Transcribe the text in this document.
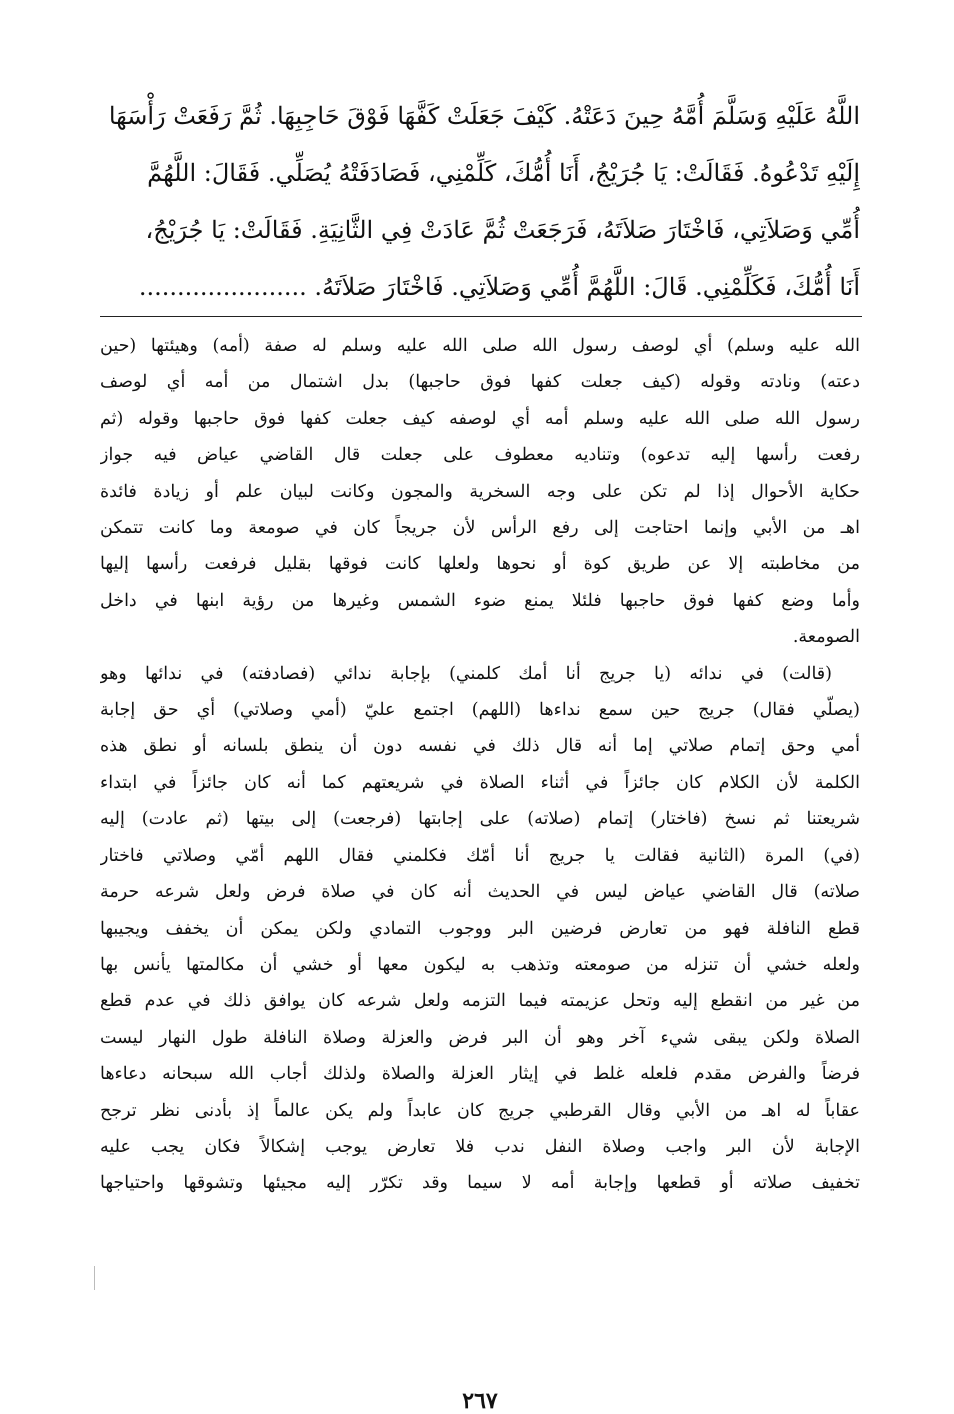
اللَّهُ عَلَيْهِ وَسَلَّمَ أُمَّهُ حِينَ دَعَتْهُ. كَيْفَ جَعَلَتْ كَفَّهَا فَوْقَ حَاجِبِهَا. ثُمَّ رَفَعَتْ رَأْسَهَا
إِلَيْهِ تَدْعُوهُ. فَقَالَتْ: يَا جُرَيْجُ، أَنَا أُمُّكَ، كَلِّمْنِي، فَصَادَفَتْهُ يُصَلِّي. فَقَالَ: اللَّهُمَّ
أُمِّي وَصَلاَتِي، فَاخْتَارَ صَلاَتَهُ، فَرَجَعَتْ ثُمَّ عَادَتْ فِي الثَّانِيَةِ. فَقَالَتْ: يَا جُرَيْجُ،
أَنَا أُمُّكَ، فَكَلِّمْنِي. قَالَ: اللَّهُمَّ أُمِّي وَصَلاَتِي. فَاخْتَارَ صَلاَتَهُ. ......................

الله عليه وسلم) أي لوصف رسول الله صلى الله عليه وسلم له صفة (أمه) وهيئتها (حين
دعته) ونادته وقوله (كيف جعلت كفها فوق حاجبها) بدل اشتمال من أمه أي لوصف
رسول الله صلى الله عليه وسلم أمه أي لوصفه كيف جعلت كفها فوق حاجبها وقوله (ثم
رفعت رأسها إليه تدعوه) وتناديه معطوف على جعلت قال القاضي عياض فيه جواز
حكاية الأحوال إذا لم تكن على وجه السخرية والمجون وكانت لبيان علم أو زيادة فائدة
اهـ من الأبي وإنما احتاجت إلى رفع الرأس لأن جريجاً كان في صومعة وما كانت تتمكن
من مخاطبته إلا عن طريق كوة أو نحوها ولعلها كانت فوقها بقليل فرفعت رأسها إليها
وأما وضع كفها فوق حاجبها فلئلا يمنع ضوء الشمس وغيرها من رؤية ابنها في داخل
الصومعة.

(قالت) في ندائه (يا جريج أنا أمك كلمني) بإجابة ندائي (فصادفته) في ندائها وهو
(يصلّي فقال) جريج حين سمع نداءها (اللهم) اجتمع عليّ (أمي وصلاتي) أي حق إجابة
أمي وحق إتمام صلاتي إما أنه قال ذلك في نفسه دون أن ينطق بلسانه أو نطق هذه
الكلمة لأن الكلام كان جائزاً في أثناء الصلاة في شريعتهم كما أنه كان جائزاً في ابتداء
شريعتنا ثم نسخ (فاختار) إتمام (صلاته) على إجابتها (فرجعت) إلى بيتها (ثم عادت) إليه
(في) المرة (الثانية فقالت يا جريج أنا أمّك فكلمني فقال اللهم أمّي وصلاتي فاختار
صلاته) قال القاضي عياض ليس في الحديث أنه كان في صلاة فرض ولعل شرعه حرمة
قطع النافلة فهو من تعارض فرضين البر ووجوب التمادي ولكن يمكن أن يخفف ويجيبها
ولعله خشي أن تنزله من صومعته وتذهب به ليكون معها أو خشي أن مكالمتها يأنس بها
من غير من انقطع إليه وتحل عزيمته فيما التزمه ولعل شرعه كان يوافق ذلك في عدم قطع
الصلاة ولكن يبقى شيء آخر وهو أن البر فرض والعزلة وصلاة النافلة طول النهار ليست
فرضاً والفرض مقدم فلعله غلط في إيثار العزلة والصلاة ولذلك أجاب الله سبحانه دعاءها
عقاباً له اهـ من الأبي وقال القرطبي جريج كان عابداً ولم يكن عالماً إذ بأدنى نظر ترجح
الإجابة لأن البر واجب وصلاة النفل ندب فلا تعارض يوجب إشكالاً فكان يجب عليه
تخفيف صلاته أو قطعها وإجابة أمه لا سيما وقد تكرّر إليه مجيئها وتشوقها واحتياجها

٢٦٧
